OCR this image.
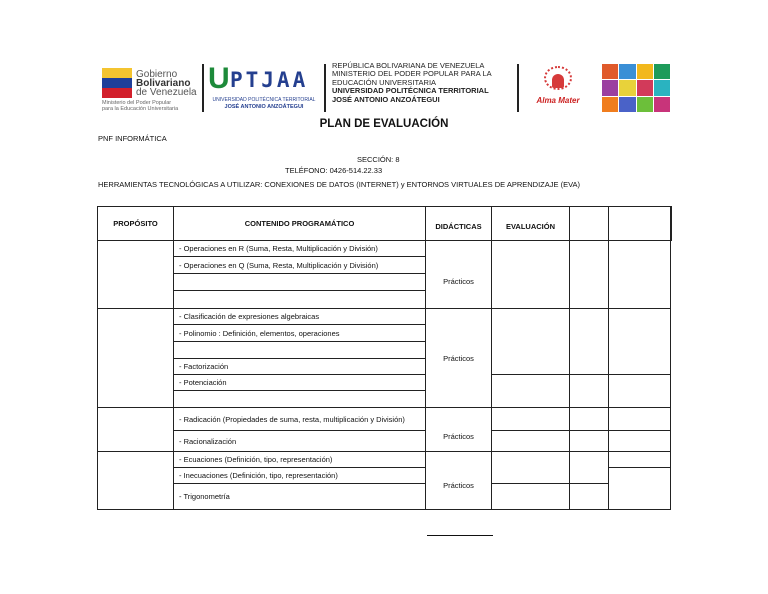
Gobierno
Bolivariano
de Venezuela
Ministerio del Poder Popular
para la Educación Universitaria
U PTJAA
UNIVERSIDAD POLITÉCNICA TERRITORIAL
JOSÉ ANTONIO ANZOÁTEGUI
REPÚBLICA BOLIVARIANA DE VENEZUELA
MINISTERIO DEL PODER POPULAR PARA LA
EDUCACIÓN UNIVERSITARIA
UNIVERSIDAD POLITÉCNICA TERRITORIAL
JOSÉ ANTONIO ANZOÁTEGUI	Alma Mater
PLAN DE EVALUACIÓN
PNF INFORMÁTICA
SECCIÓN: 8
TELÉFONO: 0426-514.22.33
HERRAMIENTAS TECNOLÓGICAS A UTILIZAR: CONEXIONES DE DATOS (INTERNET) y ENTORNOS VIRTUALES DE APRENDIZAJE (EVA)
PROPÓSITO	CONTENIDO PROGRAMÁTICO	DIDÁCTICAS	EVALUACIÓN		
	- Operaciones en R (Suma, Resta, Multiplicación y División)	Prácticos			
	- Operaciones en Q (Suma, Resta, Multiplicación y División)				

	- Clasificación de expresiones algebraicas	Prácticos			
	- Polinomio : Definición, elementos, operaciones				

	- Factorización				
	- Potenciación				

	- Radicación (Propiedades de suma, resta, multiplicación y División)	Prácticos			
	- Racionalización				
	- Ecuaciones (Definición, tipo, representación)	Prácticos			
	- Inecuaciones (Definición, tipo, representación)				
	- Trigonometría				
